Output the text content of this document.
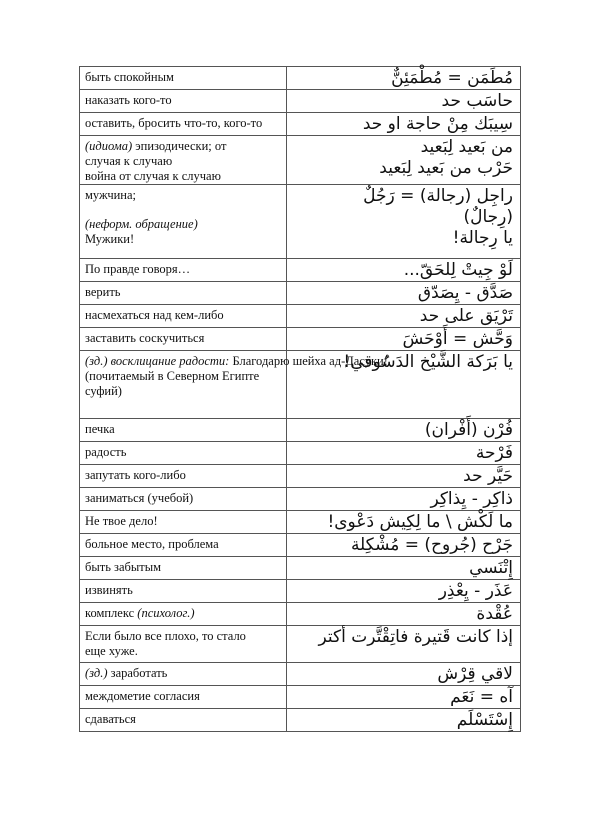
быть спокойным	مُطَمَن = مُطْمَئِنٌّ

наказать кого-то	حاسَب حد

оставить, бросить что-то, кого-то	سِيبَك مِنْ حاجة او حد

(идиома) эпизодически; от
случая к случаю
война от случая к случаю	من بَعيد لِبَعيد
حَرْب من بَعيد لِبَعيد

мужчина;
(неформ. обращение)
Мужики!	راجِل (رجالة) = رَجُلٌ
(رِجالٌ)
يا رِجالة!

По правде говоря…	لَوْ جِيتْ لِلحَقّ...

верить	صَدَّق - يِصَدّق

насмехаться над кем-либо	تَرْيَق على حد

заставить соскучиться	وَحَّش = أَوْحَشَ

(зд.) восклицание радости: Благодарю шейха ад-Дасуки!
(почитаемый в Северном Египте
суфий)	يا بَرَكة الشَّيْخ الدَسُوقي!

печка	فُرْن (أَفْران)

радость	فَرْحة

запутать кого-либо	حَيَّر حد

заниматься (учебой)	ذاكِر - يِذاكِر

Не твое дело!	ما لَكْش \ ما لِكِيش دَعْوى!

больное место, проблема	جَرْح (جُروح) = مُشْكِلة

быть забытым	إِتْنَسي

извинять	عَذَر - يِعْذِر

комплекс (психолог.)	عُقْدة

Если было все плохо, то стало
еще хуже.	إذا كانت قَتيرة فاتِقْتَّرت أكتر

(зд.) заработать	لاقي قِرْش

междометие согласия	آه = نَعَم

сдаваться	إِسْتَسْلَم
